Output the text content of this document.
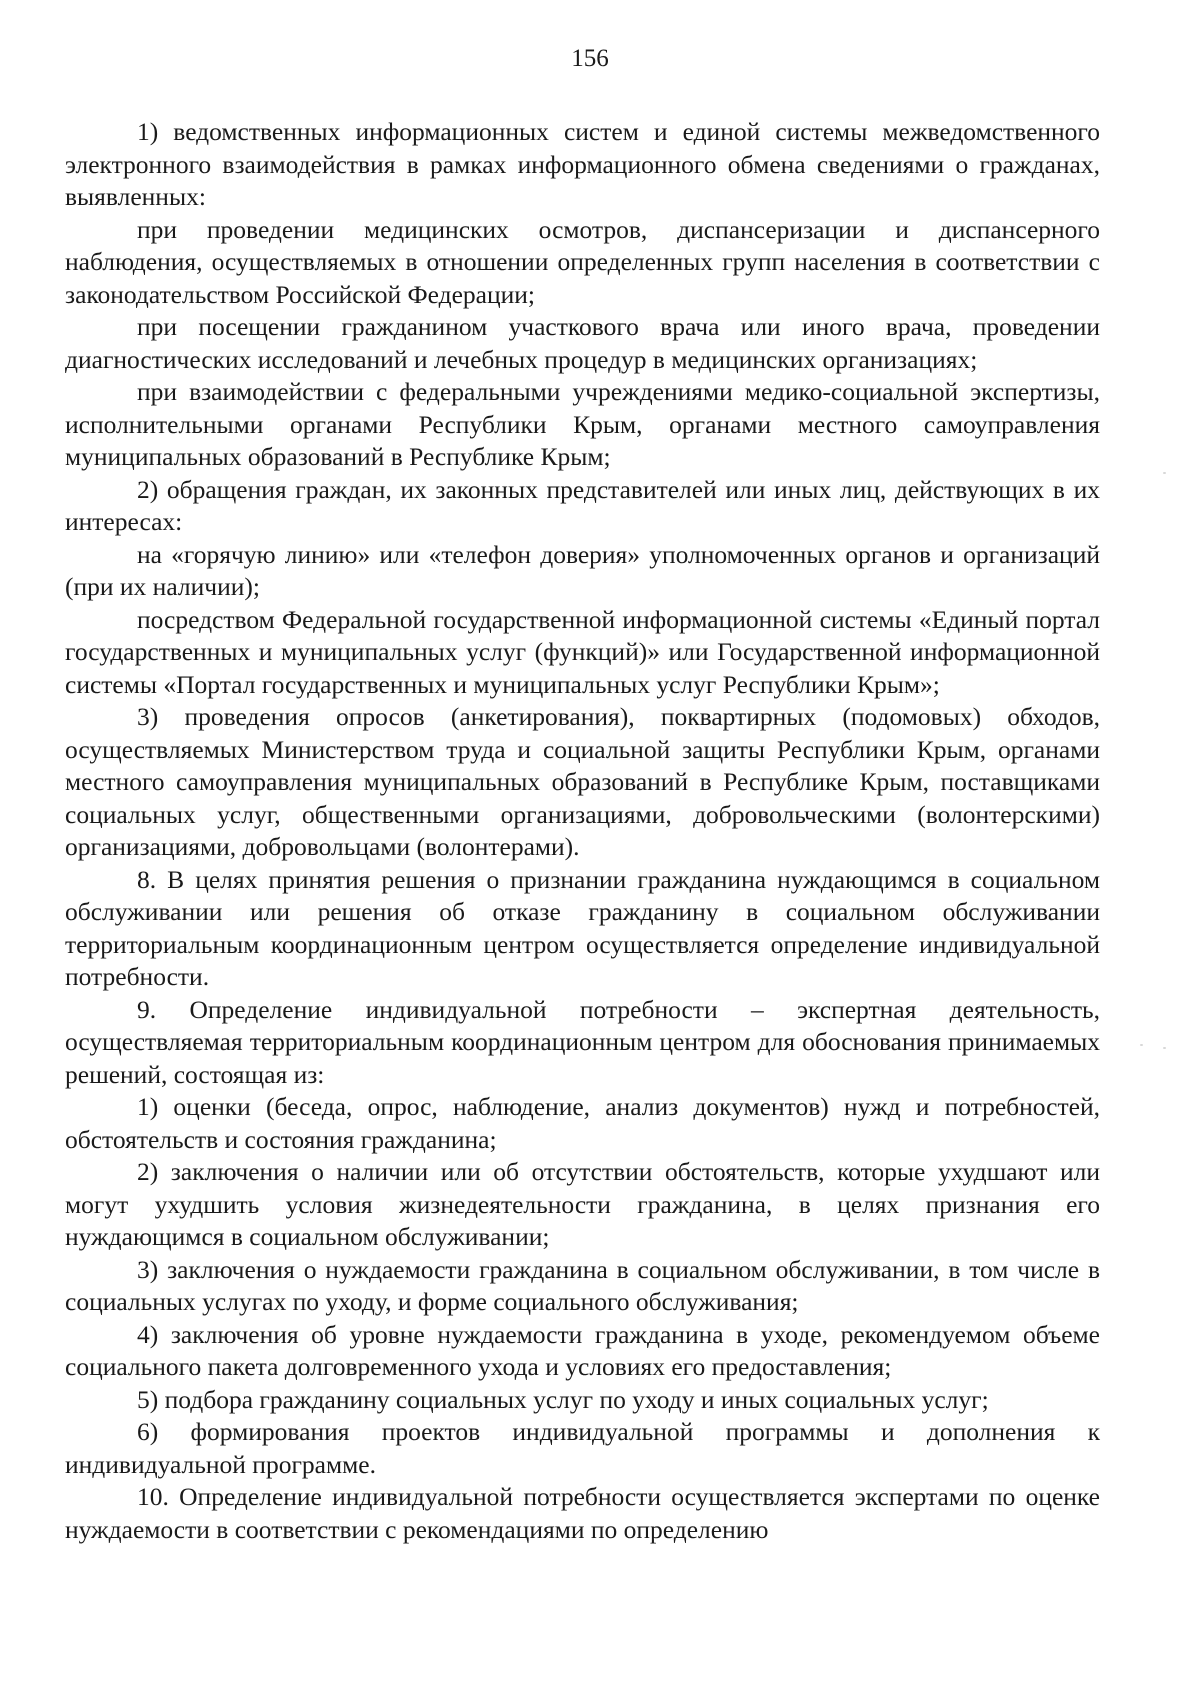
156

1) ведомственных информационных систем и единой системы межведомственного электронного взаимодействия в рамках информационного обмена сведениями о гражданах, выявленных:

при проведении медицинских осмотров, диспансеризации и диспансерного наблюдения, осуществляемых в отношении определенных групп населения в соответствии с законодательством Российской Федерации;

при посещении гражданином участкового врача или иного врача, проведении диагностических исследований и лечебных процедур в медицинских организациях;

при взаимодействии с федеральными учреждениями медико-социальной экспертизы, исполнительными органами Республики Крым, органами местного самоуправления муниципальных образований в Республике Крым;

2) обращения граждан, их законных представителей или иных лиц, действующих в их интересах:

на «горячую линию» или «телефон доверия» уполномоченных органов и организаций (при их наличии);

посредством Федеральной государственной информационной системы «Единый портал государственных и муниципальных услуг (функций)» или Государственной информационной системы «Портал государственных и муниципальных услуг Республики Крым»;

3) проведения опросов (анкетирования), поквартирных (подомовых) обходов, осуществляемых Министерством труда и социальной защиты Республики Крым, органами местного самоуправления муниципальных образований в Республике Крым, поставщиками социальных услуг, общественными организациями, добровольческими (волонтерскими) организациями, добровольцами (волонтерами).

8. В целях принятия решения о признании гражданина нуждающимся в социальном обслуживании или решения об отказе гражданину в социальном обслуживании территориальным координационным центром осуществляется определение индивидуальной потребности.

9. Определение индивидуальной потребности – экспертная деятельность, осуществляемая территориальным координационным центром для обоснования принимаемых решений, состоящая из:

1) оценки (беседа, опрос, наблюдение, анализ документов) нужд и потребностей, обстоятельств и состояния гражданина;

2) заключения о наличии или об отсутствии обстоятельств, которые ухудшают или могут ухудшить условия жизнедеятельности гражданина, в целях признания его нуждающимся в социальном обслуживании;

3) заключения о нуждаемости гражданина в социальном обслуживании, в том числе в социальных услугах по уходу, и форме социального обслуживания;

4) заключения об уровне нуждаемости гражданина в уходе, рекомендуемом объеме социального пакета долговременного ухода и условиях его предоставления;

5) подбора гражданину социальных услуг по уходу и иных социальных услуг;

6) формирования проектов индивидуальной программы и дополнения к индивидуальной программе.

10. Определение индивидуальной потребности осуществляется экспертами по оценке нуждаемости в соответствии с рекомендациями по определению
